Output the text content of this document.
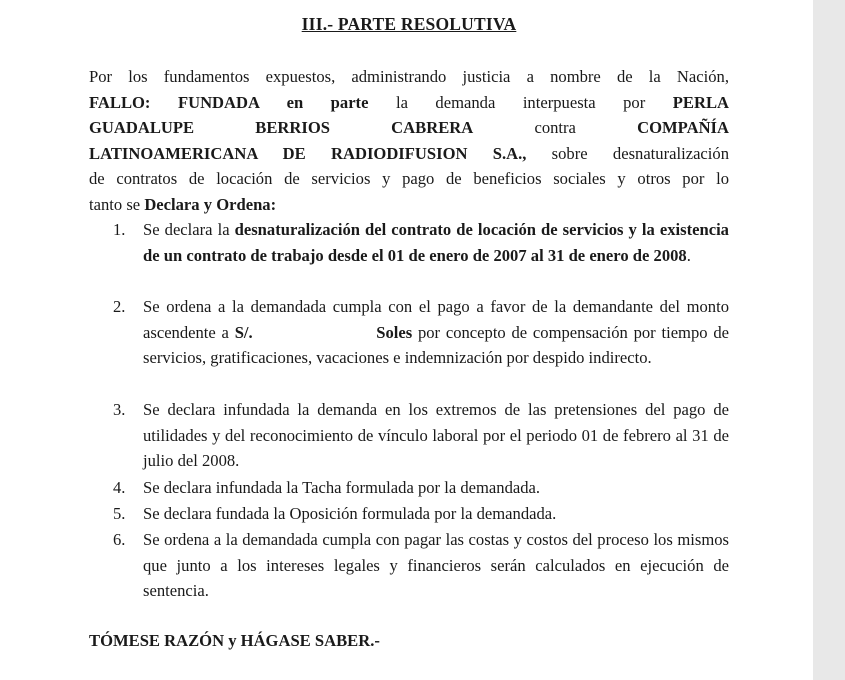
III.- PARTE RESOLUTIVA
Por los fundamentos expuestos, administrando justicia a nombre de la Nación,
FALLO: FUNDADA en parte la demanda interpuesta por PERLA
GUADALUPE BERRIOS CABRERA	contra	COMPAÑÍA
LATINOAMERICANA DE RADIODIFUSION S.A., sobre desnaturalización
de contratos de locación de servicios y pago de beneficios sociales y otros por lo
tanto se Declara y Ordena:
1.	Se declara la desnaturalización del contrato de locación de servicios y la existencia de un contrato de trabajo desde el 01 de enero de 2007 al 31 de enero de 2008.
2.	Se ordena a la demandada cumpla con el pago a favor de la demandante del monto ascendente a S/.	Soles por concepto de compensación por tiempo de servicios, gratificaciones, vacaciones e indemnización por despido indirecto.
3.	Se declara infundada la demanda en los extremos de las pretensiones del pago de utilidades y del reconocimiento de vínculo laboral por el periodo 01 de febrero al 31 de julio del 2008.
4.	Se declara infundada la Tacha formulada por la demandada.
5.	Se declara fundada la Oposición formulada por la demandada.
6.	Se ordena a la demandada cumpla con pagar las costas y costos del proceso los mismos que junto a los intereses legales y financieros serán calculados en ejecución de sentencia.
TÓMESE RAZÓN y HÁGASE SABER.-
